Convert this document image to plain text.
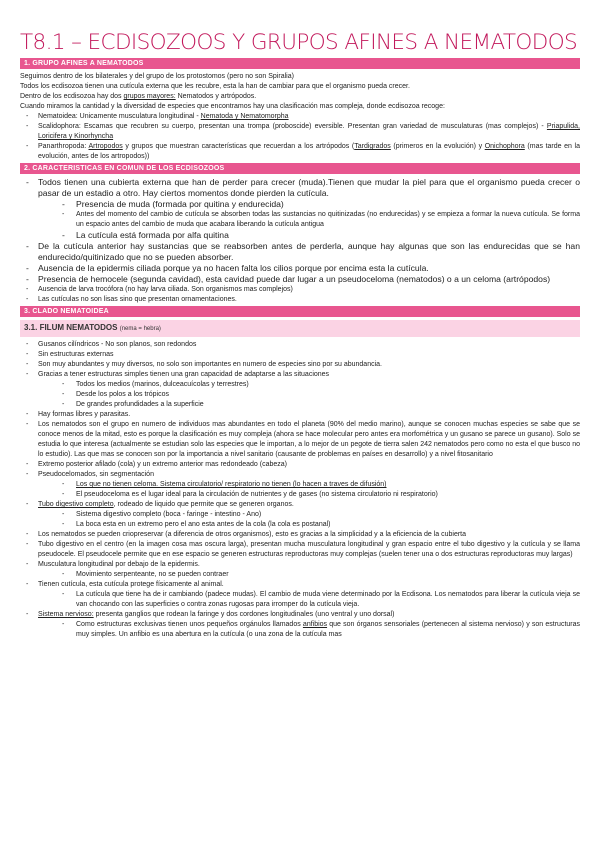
T8.1 – ECDISOZOOS Y GRUPOS AFINES A NEMATODOS
1. GRUPO AFINES A NEMATODOS

Seguimos dentro de los bilaterales y del grupo de los protostomos (pero no son Spiralia)

Todos los ecdisozoa tienen una cutícula externa que les recubre, esta la han de cambiar para que el organismo pueda crecer.

Dentro de los ecdisozoa hay dos grupos mayores: Nematodos y artrópodos.

Cuando miramos la cantidad y la diversidad de especies que encontramos hay una clasificación mas compleja, donde ecdisozoa recoge:

- Nematoidea: Unicamente musculatura longitudinal - Nematoda y Nematomorpha
- Scalidophora: Escamas que recubren su cuerpo, presentan una trompa (proboscide) eversible. Presentan gran variedad de musculaturas (mas complejos) - Priapulida, Loricifera y Kinorhyncha
- Panarthropoda: Artropodos y grupos que muestran características que recuerdan a los artrópodos (Tardigrados (primeros en la evolución) y Onichophora (mas tarde en la evolución, antes de los artropodos))
2. CARACTERISTICAS EN COMUN DE LOS ECDISOZOOS
- Todos tienen una cubierta externa que han de perder para crecer (muda).Tienen que mudar la piel para que el organismo pueda crecer o pasar de un estadio a otro. Hay ciertos momentos donde pierden la cutícula.
- Presencia de muda (formada por quitina y endurecida)
- Antes del momento del cambio de cutícula se absorben todas las sustancias no quitinizadas (no endurecidas) y se empieza a formar la nueva cutícula. Se forma un espacio antes del cambio de muda que acabara liberando la cutícula antigua
- La cutícula está formada por alfa quitina
- De la cutícula anterior hay sustancias que se reabsorben antes de perderla, aunque hay algunas que son las endurecidas que se han endurecido/quitinizado que no se pueden absorber.
- Ausencia de la epidermis ciliada porque ya no hacen falta los cilios porque por encima esta la cutícula.
- Presencia de hemocele (segunda cavidad), esta cavidad puede dar lugar a un pseudoceloma (nematodos) o a un celoma (artrópodos)
- Ausencia de larva trocófora (no hay larva ciliada. Son organismos mas complejos)
- Las cutículas no son lisas sino que presentan ornamentaciones.
3. CLADO NEMATOIDEA
3.1. FILUM NEMATODOS (nema = hebra)
- Gusanos cilíndricos - No son planos, son redondos
- Sin estructuras externas
- Son muy abundantes y muy diversos, no solo son importantes en numero de especies sino por su abundancia.
- Gracias a tener estructuras simples tienen una gran capacidad de adaptarse a las situaciones
- Todos los medios (marinos, dulceacuícolas y terrestres)
- Desde los polos a los trópicos
- De grandes profundidades a la superficie
- Hay formas libres y parasitas.
- Los nematodos son el grupo en numero de individuos mas abundantes en todo el planeta (90% del medio marino), aunque se conocen muchas especies se sabe que se conoce menos de la mitad, esto es porque la clasificación es muy compleja (ahora se hace molecular pero antes era morfométrica y un gusano se parece un gusano). Solo se estudia lo que interesa (actualmente se estudian solo las especies que le importan, a lo mejor de un pegote de tierra salen 242 nematodos pero como no esta el que busco no lo estudio). Las que mas se conocen son por la importancia a nivel sanitario (causante de problemas en países en desarrollo) y a nivel fitosanitario
- Extremo posterior afilado (cola) y un extremo anterior mas redondeado (cabeza)
- Pseudocelomados, sin segmentación
- Los que no tienen celoma. Sistema circulatorio/ respiratorio no tienen (lo hacen a traves de difusión)
- El pseudoceloma es el lugar ideal para la circulación de nutrientes y de gases (no sistema circulatorio ni respiratorio)
- Tubo digestivo completo, rodeado de liquido que permite que se generen organos.
- Sistema digestivo completo (boca - faringe - intestino - Ano)
- La boca esta en un extremo pero el ano esta antes de la cola (la cola es postanal)
- Los nematodos se pueden criopreservar (a diferencia de otros organismos), esto es gracias a la simplicidad y a la eficiencia de la cubierta
- Tubo digestivo en el centro (en la imagen cosa mas oscura larga), presentan mucha musculatura longitudinal y gran espacio entre el tubo digestivo y la cutícula y se llama pseudocele. El pseudocele permite que en ese espacio se generen estructuras reproductoras muy complejas (suelen tener una o dos estructuras reproductoras muy largas)
- Musculatura longitudinal por debajo de la epidermis.
- Movimiento serpenteante, no se pueden contraer
- Tienen cutícula, esta cutícula protege físicamente al animal.
- La cutícula que tiene ha de ir cambiando (padece mudas). El cambio de muda viene determinado por la Ecdisona. Los nematodos para liberar la cutícula vieja se van chocando con las superficies o contra zonas rugosas para irromper do la cutícula vieja.
- Sistema nervioso: presenta ganglios que rodean la faringe y dos cordones longitudinales (uno ventral y uno dorsal)
- Como estructuras exclusivas tienen unos pequeños orgánulos llamados anfibios que son órganos sensoriales (pertenecen al sistema nervioso) y son estructuras muy simples. Un anfibio es una abertura en la cutícula (o una zona de la cutícula mas
